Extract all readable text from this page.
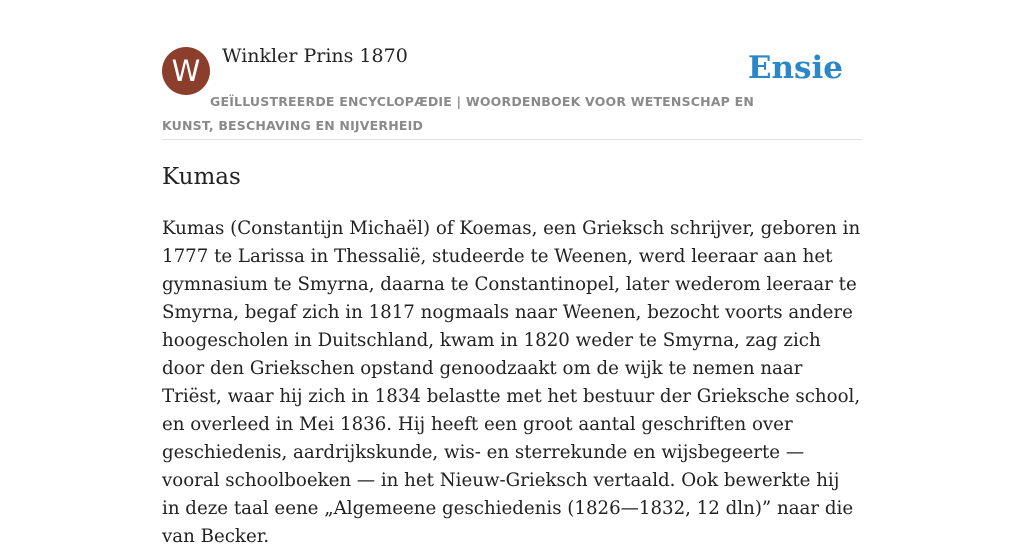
W Winkler Prins 1870	Ensie
GEÏLLUSTREERDE ENCYCLOPÆDIE | WOORDENBOEK VOOR WETENSCHAP EN KUNST, BESCHAVING EN NIJVERHEID
Kumas

Kumas (Constantijn Michaël) of Koemas, een Grieksch schrijver, geboren in 1777 te Larissa in Thessalië, studeerde te Weenen, werd leeraar aan het gymnasium te Smyrna, daarna te Constantinopel, later wederom leeraar te Smyrna, begaf zich in 1817 nogmaals naar Weenen, bezocht voorts andere hoogescholen in Duitschland, kwam in 1820 weder te Smyrna, zag zich door den Griekschen opstand genoodzaakt om de wijk te nemen naar Triëst, waar hij zich in 1834 belastte met het bestuur der Grieksche school, en overleed in Mei 1836. Hij heeft een groot aantal geschriften over geschiedenis, aardrijkskunde, wis- en sterrekunde en wijsbegeerte — vooral schoolboeken — in het Nieuw-Grieksch vertaald. Ook bewerkte hij in deze taal eene „Algemeene geschiedenis (1826—1832, 12 dln)” naar die van Becker.
